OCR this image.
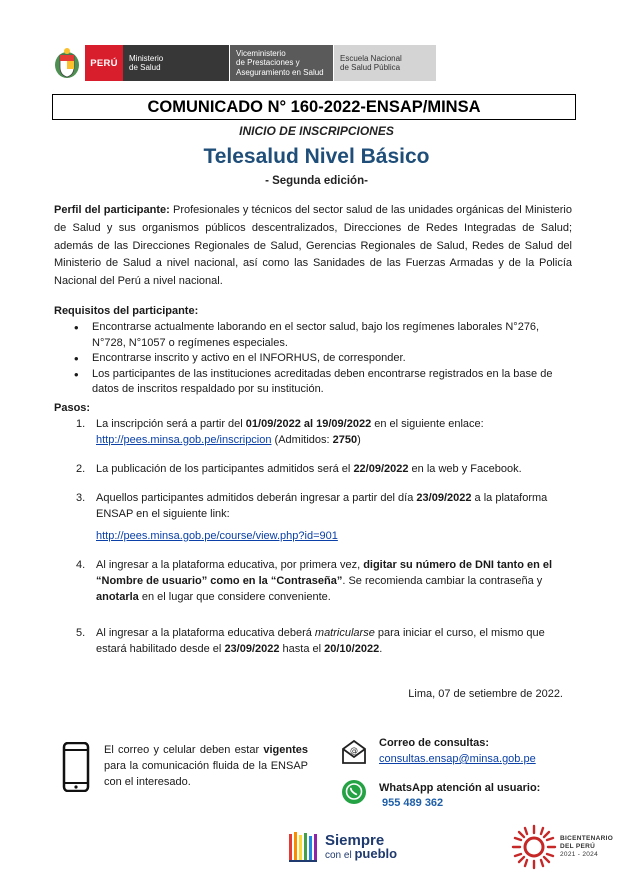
PERÚ	Ministerio
de Salud
Viceministerio
de Prestaciones y
Aseguramiento en Salud
Escuela Nacional
de Salud Pública
COMUNICADO N° 160-2022-ENSAP/MINSA
INICIO DE INSCRIPCIONES
Telesalud Nivel Básico
- Segunda edición-

Perfil del participante: Profesionales y técnicos del sector salud de las unidades orgánicas del Ministerio de Salud y sus organismos públicos descentralizados, Direcciones de Redes Integradas de Salud; además de las Direcciones Regionales de Salud, Gerencias Regionales de Salud, Redes de Salud del Ministerio de Salud a nivel nacional, así como las Sanidades de las Fuerzas Armadas y de la Policía Nacional del Perú a nivel nacional.

Requisitos del participante:
• Encontrarse actualmente laborando en el sector salud, bajo los regímenes laborales N°276, N°728, N°1057 o regímenes especiales.
• Encontrarse inscrito y activo en el INFORHUS, de corresponder.
• Los participantes de las instituciones acreditadas deben encontrarse registrados en la base de datos de inscritos respaldado por su institución.
Pasos:
1. La inscripción será a partir del 01/09/2022 al 19/09/2022 en el siguiente enlace:
http://pees.minsa.gob.pe/inscripcion (Admitidos: 2750)
2. La publicación de los participantes admitidos será el 22/09/2022 en la web y Facebook.
3. Aquellos participantes admitidos deberán ingresar a partir del día 23/09/2022 a la plataforma ENSAP en el siguiente link:
http://pees.minsa.gob.pe/course/view.php?id=901
4. Al ingresar a la plataforma educativa, por primera vez, digitar su número de DNI tanto en el “Nombre de usuario” como en la “Contraseña”. Se recomienda cambiar la contraseña y anotarla en el lugar que considere conveniente.
5. Al ingresar a la plataforma educativa deberá matricularse para iniciar el curso, el mismo que estará habilitado desde el 23/09/2022 hasta el 20/10/2022.
Lima, 07 de setiembre de 2022.

El correo y celular deben estar vigentes para la comunicación fluida de la ENSAP con el interesado.

@
Correo de consultas:
consultas.ensap@minsa.gob.pe
WhatsApp atención al usuario:
955 489 362
Siempre
con el pueblo
BICENTENARIO
DEL PERÚ
2021 - 2024
